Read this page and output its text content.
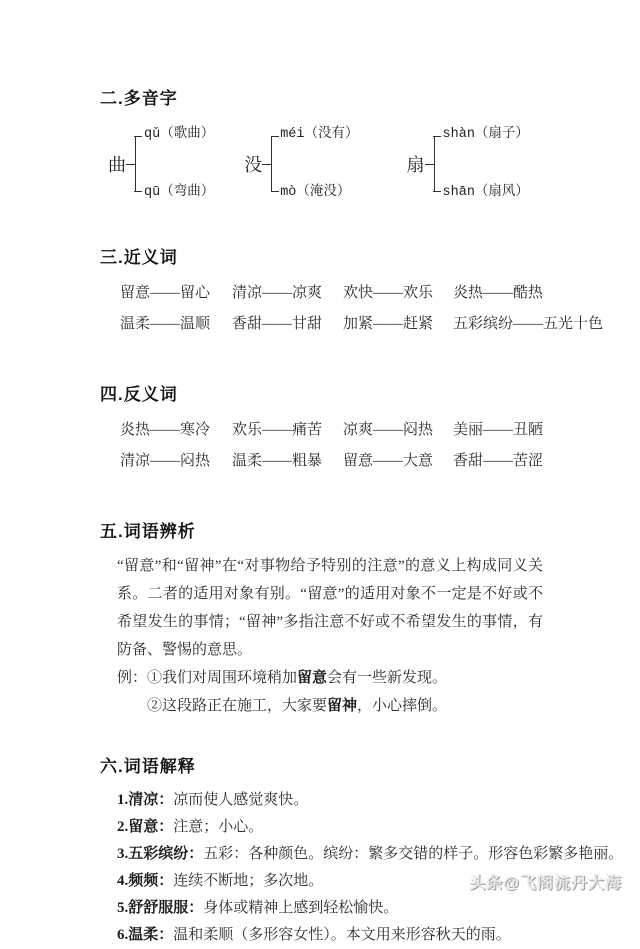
二.多音字
曲
qǔ（歌曲）
qū（弯曲）
没
méi（没有）
mò（淹没）
扇
shàn（扇子）
shān（扇风）
三.近义词
留意——留心	清凉——凉爽	欢快——欢乐	炎热——酷热
温柔——温顺	香甜——甘甜	加紧——赶紧	五彩缤纷——五光十色
四.反义词
炎热——寒冷	欢乐——痛苦	凉爽——闷热	美丽——丑陋
清凉——闷热	温柔——粗暴	留意——大意	香甜——苦涩
五.词语辨析
“留意”和“留神”在“对事物给予特别的注意”的意义上构成同义关系。二者的适用对象有别。“留意”的适用对象不一定是不好或不希望发生的事情；“留神”多指注意不好或不希望发生的事情，有防备、警惕的意思。
例：①我们对周围环境稍加留意会有一些新发现。
②这段路正在施工，大家要留神，小心摔倒。
六.词语解释
1.清凉：凉而使人感觉爽快。
2.留意：注意；小心。
3.五彩缤纷：五彩：各种颜色。缤纷：繁多交错的样子。形容色彩繁多艳丽。
4.频频：连续不断地；多次地。
5.舒舒服服：身体或精神上感到轻松愉快。
6.温柔：温和柔顺（多形容女性）。本文用来形容秋天的雨。
头条@飞阁流丹大海
